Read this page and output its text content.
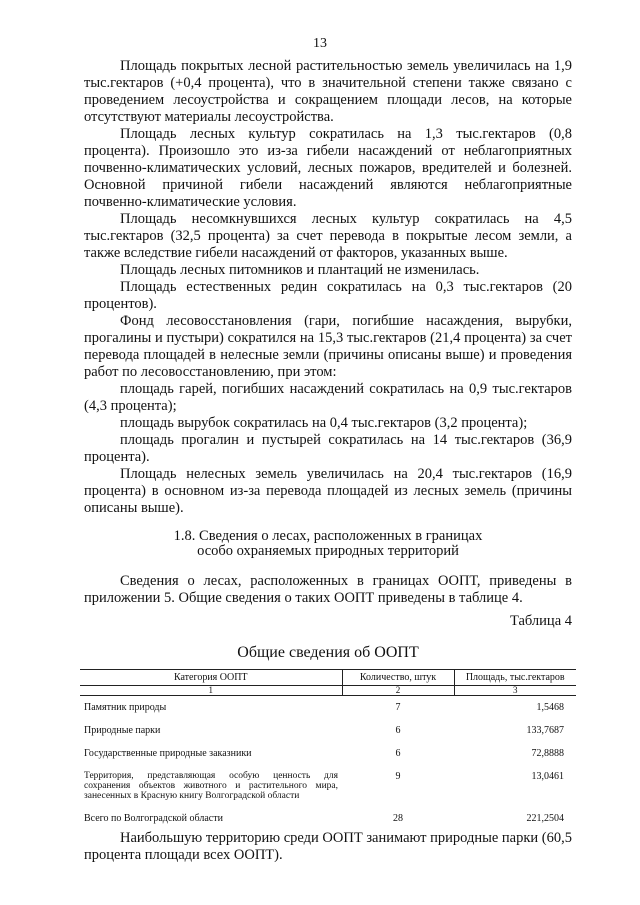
13

Площадь покрытых лесной растительностью земель увеличилась на 1,9 тыс.гектаров (+0,4 процента), что в значительной степени также связано с проведением лесоустройства и сокращением площади лесов, на которые отсутствуют материалы лесоустройства.

Площадь лесных культур сократилась на 1,3 тыс.гектаров (0,8 процента). Произошло это из-за гибели насаждений от неблагоприятных почвенно-климатических условий, лесных пожаров, вредителей и болезней. Основной причиной гибели насаждений являются неблагоприятные почвенно-климатические условия.

Площадь несомкнувшихся лесных культур сократилась на 4,5 тыс.гектаров (32,5 процента) за счет перевода в покрытые лесом земли, а также вследствие гибели насаждений от факторов, указанных выше.

Площадь лесных питомников и плантаций не изменилась.

Площадь естественных редин сократилась на 0,3 тыс.гектаров (20 процентов).

Фонд лесовосстановления (гари, погибшие насаждения, вырубки, прогалины и пустыри) сократился на 15,3 тыс.гектаров (21,4 процента) за счет перевода площадей в нелесные земли (причины описаны выше) и проведения работ по лесовосстановлению, при этом:

площадь гарей, погибших насаждений сократилась на 0,9 тыс.гектаров (4,3 процента);

площадь вырубок сократилась на 0,4 тыс.гектаров (3,2 процента);

площадь прогалин и пустырей сократилась на 14 тыс.гектаров (36,9 процента).

Площадь нелесных земель увеличилась на 20,4 тыс.гектаров (16,9 процента) в основном из-за перевода площадей из лесных земель (причины описаны выше).

1.8. Сведения о лесах, расположенных в границах
особо охраняемых природных территорий

Сведения о лесах, расположенных в границах ООПТ, приведены в приложении 5. Общие сведения о таких ООПТ приведены в таблице 4.

Таблица 4
Общие сведения об ООПТ
Категория ООПТ	Количество, штук	Площадь, тыс.гектаров
1	2	3
Памятник природы	7	1,5468
Природные парки	6	133,7687
Государственные природные заказники	6	72,8888
Территория, представляющая особую ценность для сохранения объектов животного и растительного мира, занесенных в Красную книгу Волгоградской области	9	13,0461
Всего по Волгоградской области	28	221,2504

Наибольшую территорию среди ООПТ занимают природные парки (60,5 процента площади всех ООПТ).
